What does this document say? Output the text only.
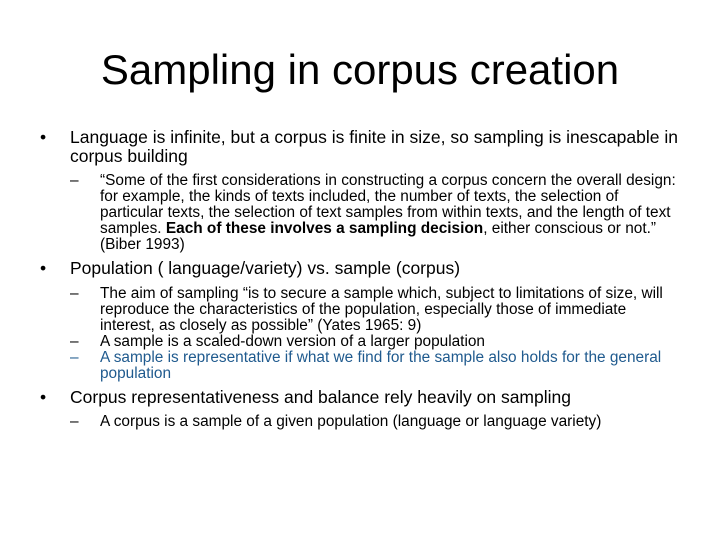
Sampling in corpus creation
•	Language is infinite, but a corpus is finite in size, so sampling is inescapable in corpus building
– “Some of the first considerations in constructing a corpus concern the overall design: for example, the kinds of texts included, the number of texts, the selection of particular texts, the selection of text samples from within texts, and the length of text samples. Each of these involves a sampling decision, either conscious or not.” (Biber 1993)
•	Population ( language/variety) vs. sample (corpus)
– The aim of sampling “is to secure a sample which, subject to limitations of size, will reproduce the characteristics of the population, especially those of immediate interest, as closely as possible” (Yates 1965: 9)
– A sample is a scaled-down version of a larger population
– A sample is representative if what we find for the sample also holds for the general population
•	Corpus representativeness and balance rely heavily on sampling
– A corpus is a sample of a given population (language or language variety)
